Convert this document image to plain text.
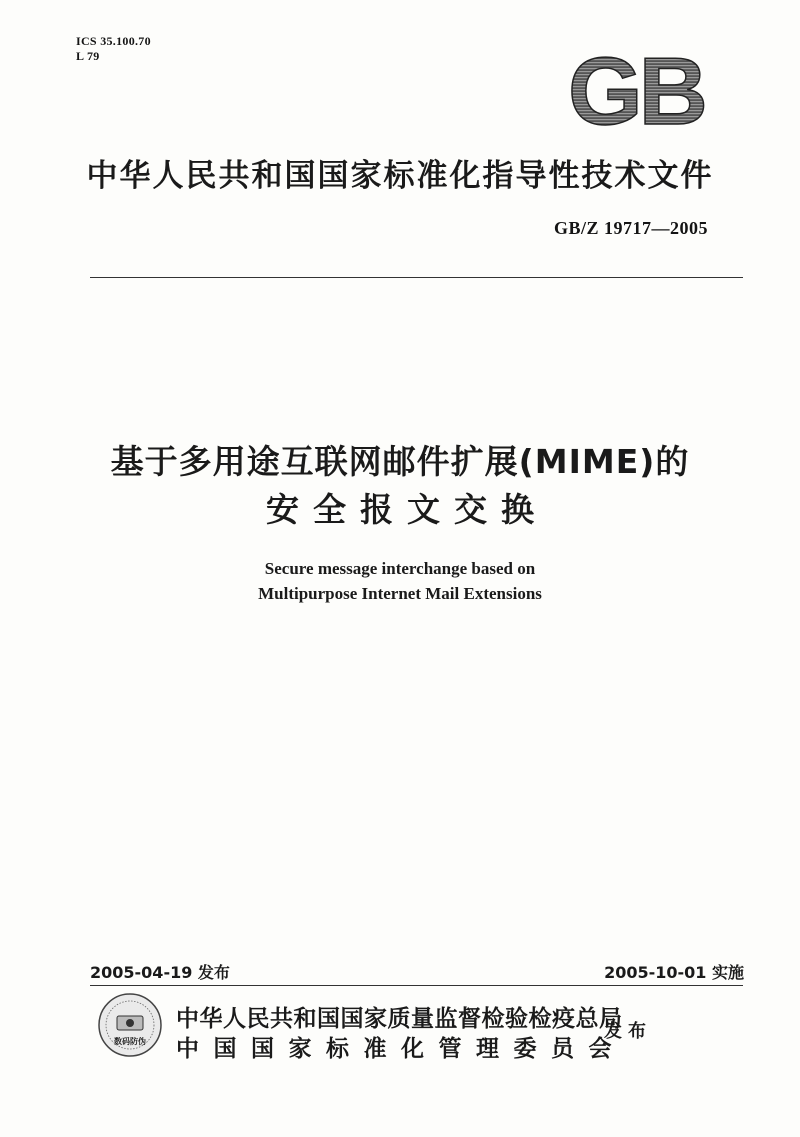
ICS 35.100.70
L 79	GB
中华人民共和国国家标准化指导性技术文件
GB/Z 19717—2005
基于多用途互联网邮件扩展(MIME)的
安全报文交换
Secure message interchange based on
Multipurpose Internet Mail Extensions
2005-04-19 发布	2005-10-01 实施
数码防伪
中华人民共和国国家质量监督检验检疫总局
中国国家标准化管理委员会
发布
